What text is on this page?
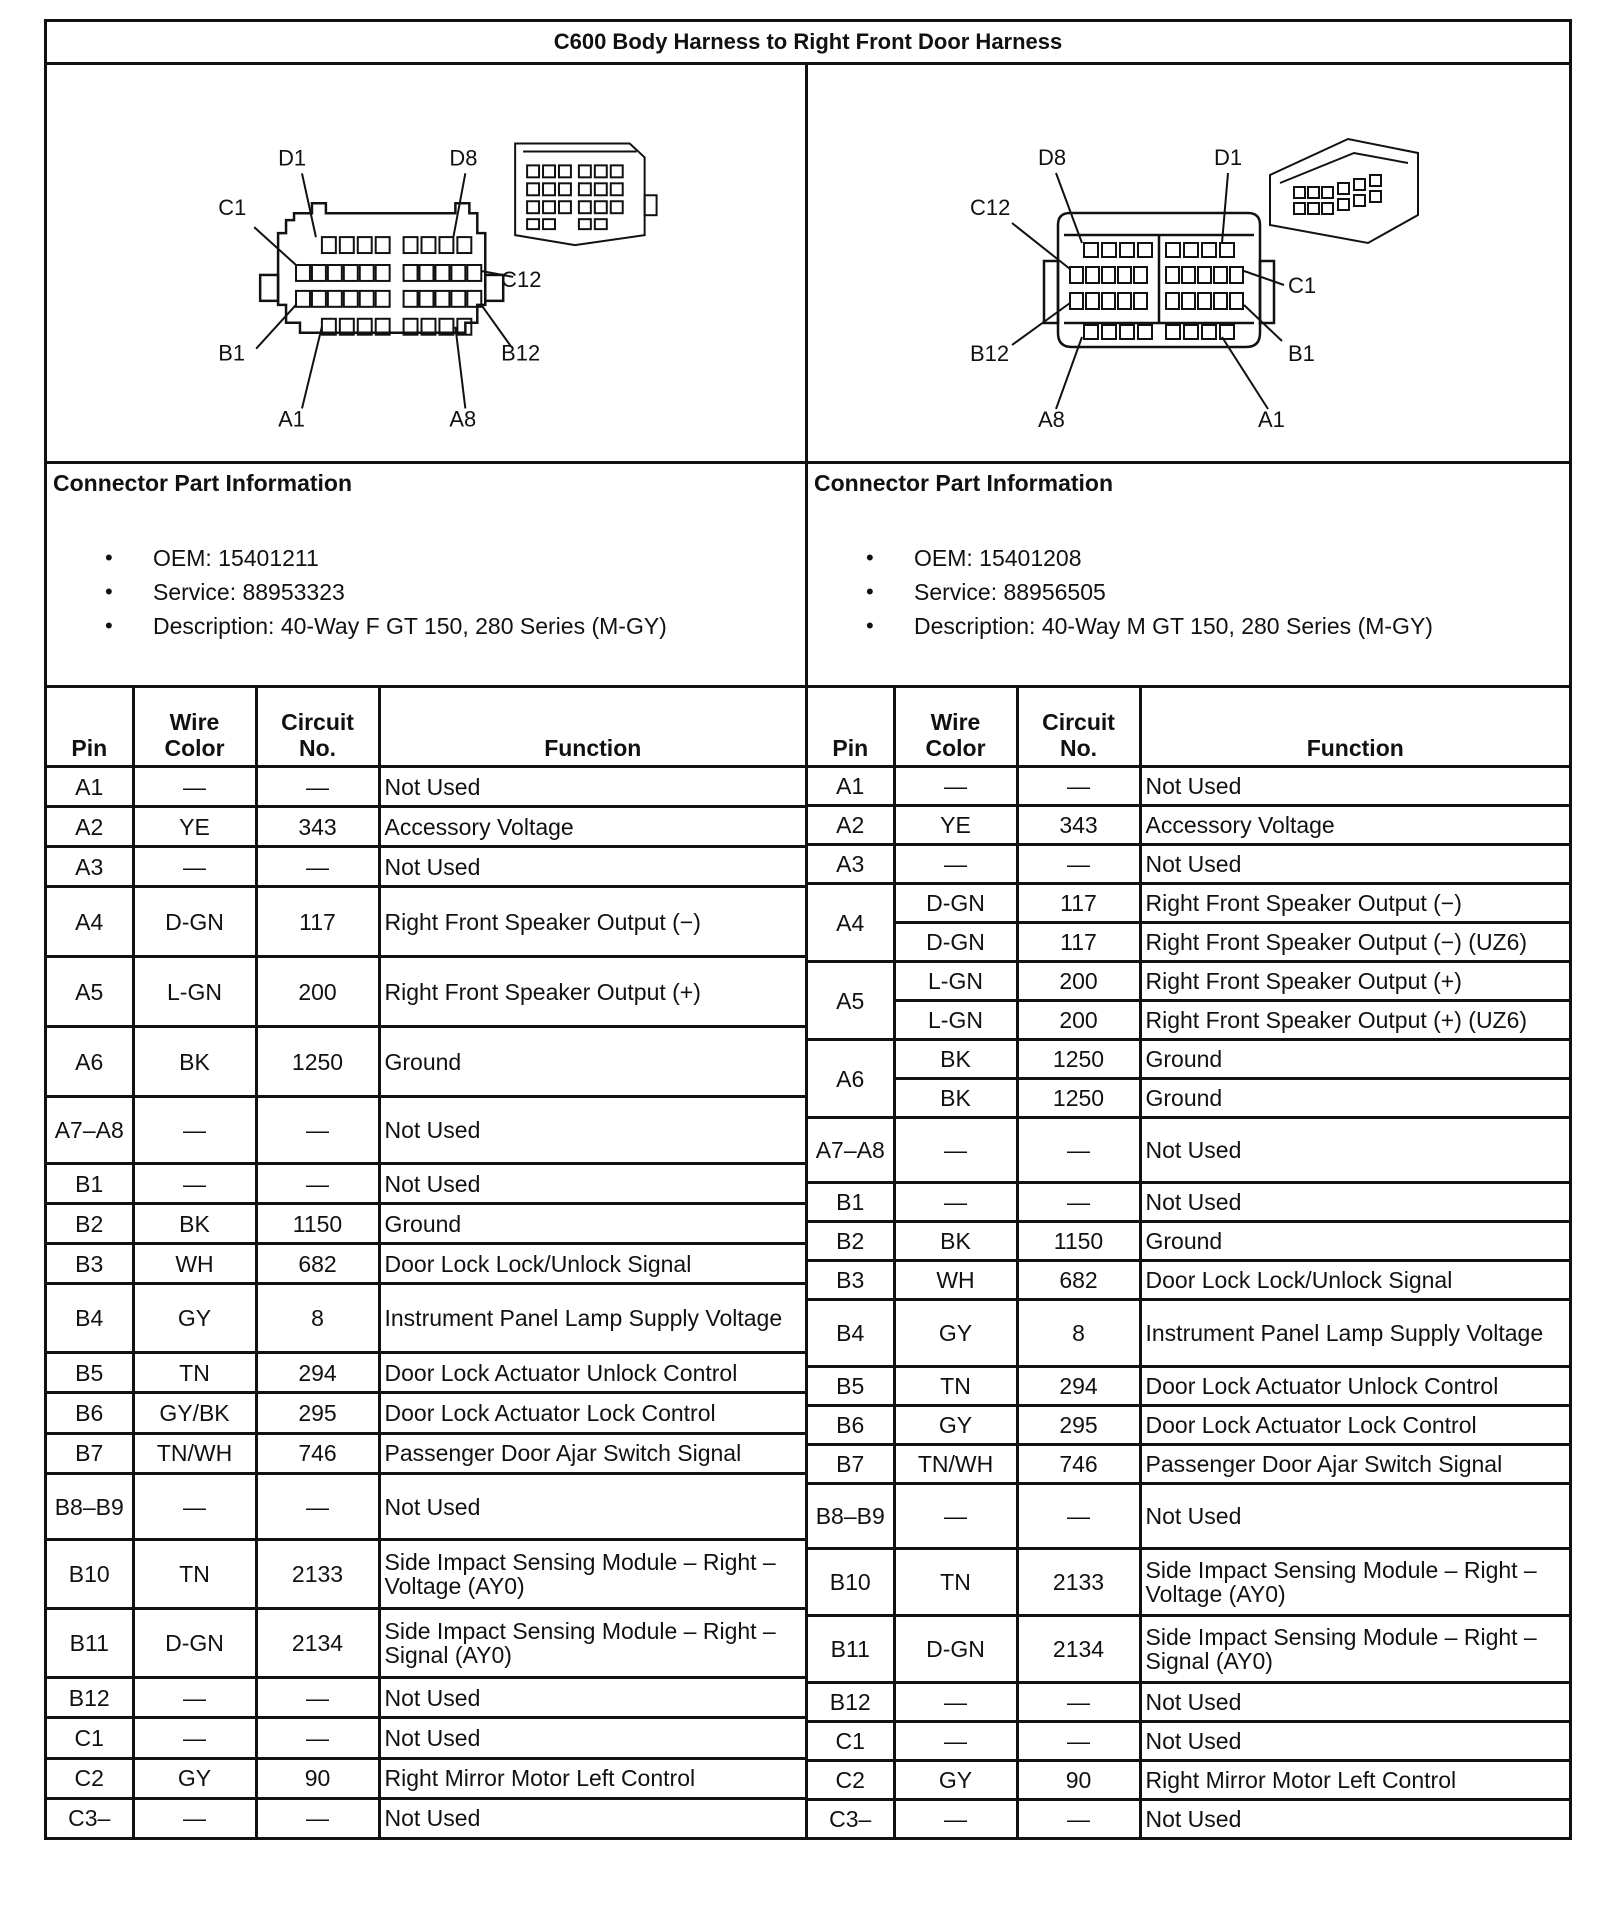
C600 Body Harness to Right Front Door Harness
D1	D8
C1
C12
B1	B12
A1	A8
D8	D1
C12
C1
B12	B1
A8	A1
Connector Part Information
• OEM: 15401211
• Service: 88953323
• Description: 40-Way F GT 150, 280 Series (M-GY)
Connector Part Information
• OEM: 15401208
• Service: 88956505
• Description: 40-Way M GT 150, 280 Series (M-GY)
Pin	Wire Color	Circuit No.	Function
A1	—	—	Not Used
A2	YE	343	Accessory Voltage
A3	—	—	Not Used
A4	D-GN	117	Right Front Speaker Output (−)
A5	L-GN	200	Right Front Speaker Output (+)
A6	BK	1250	Ground
A7–A8	—	—	Not Used
B1	—	—	Not Used
B2	BK	1150	Ground
B3	WH	682	Door Lock Lock/Unlock Signal
B4	GY	8	Instrument Panel Lamp Supply Voltage
B5	TN	294	Door Lock Actuator Unlock Control
B6	GY/BK	295	Door Lock Actuator Lock Control
B7	TN/WH	746	Passenger Door Ajar Switch Signal
B8–B9	—	—	Not Used
B10	TN	2133	Side Impact Sensing Module – Right – Voltage (AY0)
B11	D-GN	2134	Side Impact Sensing Module – Right – Signal (AY0)
B12	—	—	Not Used
C1	—	—	Not Used
C2	GY	90	Right Mirror Motor Left Control
C3–	—	—	Not Used
Pin	Wire Color	Circuit No.	Function
A1	—	—	Not Used
A2	YE	343	Accessory Voltage
A3	—	—	Not Used
A4	D-GN	117	Right Front Speaker Output (−)
	D-GN	117	Right Front Speaker Output (−) (UZ6)
A5	L-GN	200	Right Front Speaker Output (+)
	L-GN	200	Right Front Speaker Output (+) (UZ6)
A6	BK	1250	Ground
	BK	1250	Ground
A7–A8	—	—	Not Used
B1	—	—	Not Used
B2	BK	1150	Ground
B3	WH	682	Door Lock Lock/Unlock Signal
B4	GY	8	Instrument Panel Lamp Supply Voltage
B5	TN	294	Door Lock Actuator Unlock Control
B6	GY	295	Door Lock Actuator Lock Control
B7	TN/WH	746	Passenger Door Ajar Switch Signal
B8–B9	—	—	Not Used
B10	TN	2133	Side Impact Sensing Module – Right – Voltage (AY0)
B11	D-GN	2134	Side Impact Sensing Module – Right – Signal (AY0)
B12	—	—	Not Used
C1	—	—	Not Used
C2	GY	90	Right Mirror Motor Left Control
C3–	—	—	Not Used
